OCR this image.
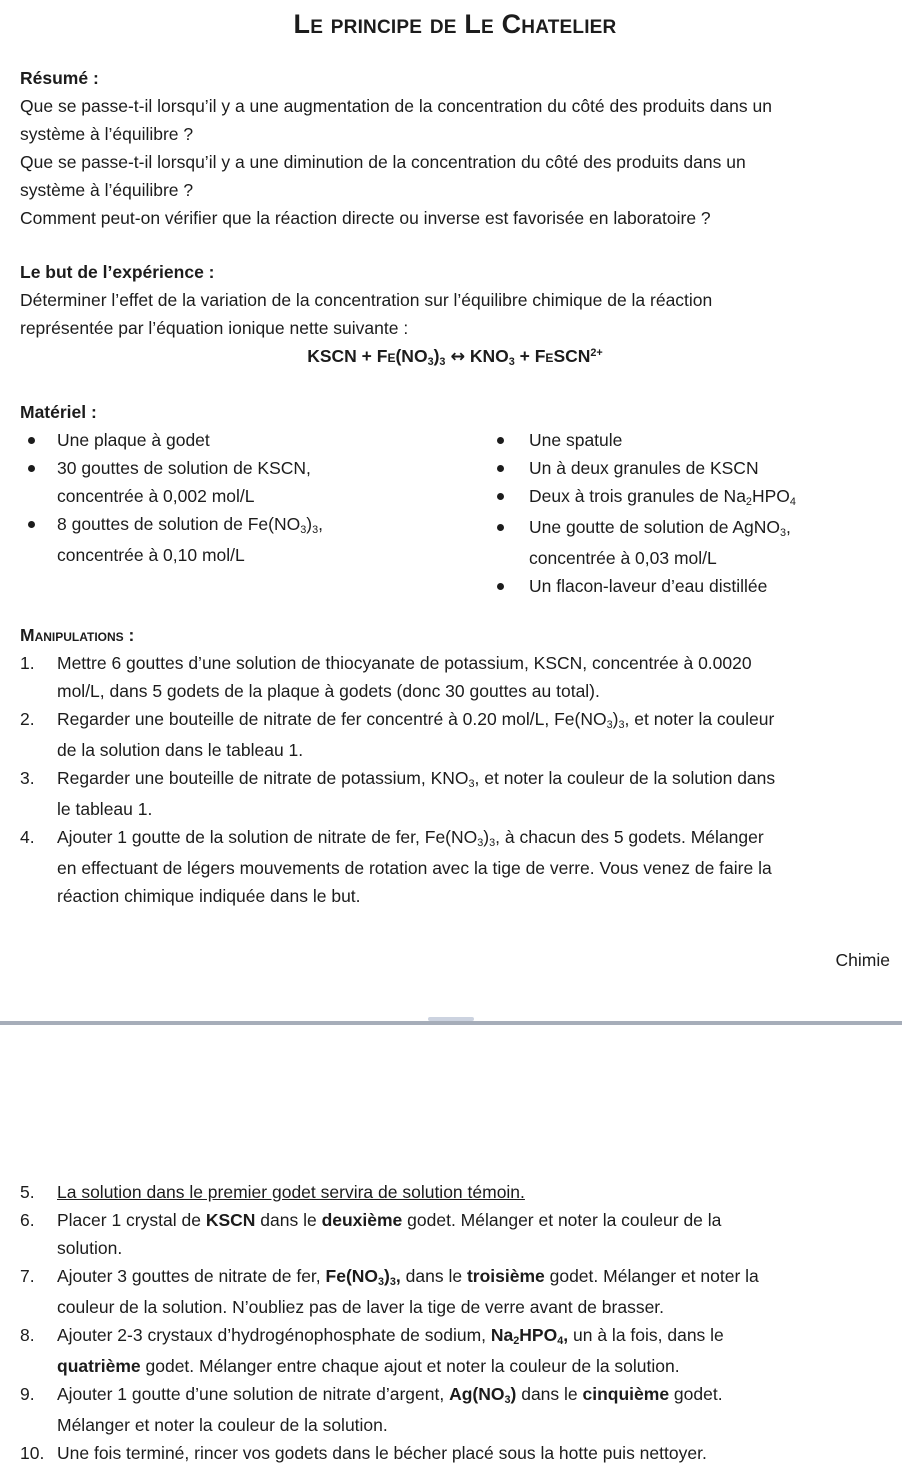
Le principe de Le Chatelier
Résumé :
Que se passe-t-il lorsqu’il y a une augmentation de la concentration du côté des produits dans un
système à l’équilibre ?
Que se passe-t-il lorsqu’il y a une diminution de la concentration du côté des produits dans un
système à l’équilibre ?
Comment peut-on vérifier que la réaction directe ou inverse est favorisée en laboratoire ?
Le but de l’expérience :
Déterminer l’effet de la variation de la concentration sur l’équilibre chimique de la réaction
représentée par l’équation ionique nette suivante :
KSCN + Fe(NO3)3 ↔ KNO3 + FeSCN$^{2+}$
Matériel :
Une plaque à godet
30 gouttes de solution de KSCN,
concentrée à 0,002 mol/L
8 gouttes de solution de Fe(NO3)3,
concentrée à 0,10 mol/L
Une spatule
Un à deux granules de KSCN
Deux à trois granules de Na2HPO4
Une goutte de solution de AgNO3,
concentrée à 0,03 mol/L
Un flacon-laveur d’eau distillée
Manipulations :
1.	Mettre 6 gouttes d’une solution de thiocyanate de potassium, KSCN, concentrée à 0.0020
mol/L, dans 5 godets de la plaque à godets (donc 30 gouttes au total).
2.	Regarder une bouteille de nitrate de fer concentré à 0.20 mol/L, Fe(NO3)3, et noter la couleur
de la solution dans le tableau 1.
3.	Regarder une bouteille de nitrate de potassium, KNO3, et noter la couleur de la solution dans
le tableau 1.
4.	Ajouter 1 goutte de la solution de nitrate de fer, Fe(NO3)3, à chacun des 5 godets. Mélanger
en effectuant de légers mouvements de rotation avec la tige de verre. Vous venez de faire la
réaction chimique indiquée dans le but.
Chimie
5.	La solution dans le premier godet servira de solution témoin.
6.	Placer 1 crystal de KSCN dans le deuxième godet. Mélanger et noter la couleur de la
solution.
7.	Ajouter 3 gouttes de nitrate de fer, Fe(NO3)3, dans le troisième godet. Mélanger et noter la
couleur de la solution. N’oubliez pas de laver la tige de verre avant de brasser.
8.	Ajouter 2-3 crystaux d’hydrogénophosphate de sodium, Na2HPO4, un à la fois, dans le
quatrième godet. Mélanger entre chaque ajout et noter la couleur de la solution.
9.	Ajouter 1 goutte d’une solution de nitrate d’argent, Ag(NO3) dans le cinquième godet.
Mélanger et noter la couleur de la solution.
10. Une fois terminé, rincer vos godets dans le bécher placé sous la hotte puis nettoyer.
